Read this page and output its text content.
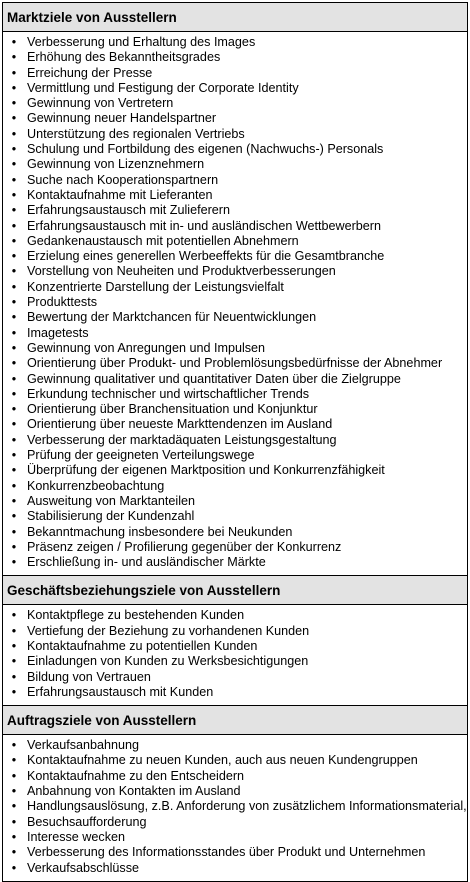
Marktziele von Ausstellern

• Verbesserung und Erhaltung des Images
• Erhöhung des Bekanntheitsgrades
• Erreichung der Presse
• Vermittlung und Festigung der Corporate Identity
• Gewinnung von Vertretern
• Gewinnung neuer Handelspartner
• Unterstützung des regionalen Vertriebs
• Schulung und Fortbildung des eigenen (Nachwuchs-) Personals
• Gewinnung von Lizenznehmern
• Suche nach Kooperationspartnern
• Kontaktaufnahme mit Lieferanten
• Erfahrungsaustausch mit Zulieferern
• Erfahrungsaustausch mit in- und ausländischen Wettbewerbern
• Gedankenaustausch mit potentiellen Abnehmern
• Erzielung eines generellen Werbeeffekts für die Gesamtbranche
• Vorstellung von Neuheiten und Produktverbesserungen
• Konzentrierte Darstellung der Leistungsvielfalt
• Produkttests
• Bewertung der Marktchancen für Neuentwicklungen
• Imagetests
• Gewinnung von Anregungen und Impulsen
• Orientierung über Produkt- und Problemlösungsbedürfnisse der Abnehmer
• Gewinnung qualitativer und quantitativer Daten über die Zielgruppe
• Erkundung technischer und wirtschaftlicher Trends
• Orientierung über Branchensituation und Konjunktur
• Orientierung über neueste Markttendenzen im Ausland
• Verbesserung der marktadäquaten Leistungsgestaltung
• Prüfung der geeigneten Verteilungswege
• Überprüfung der eigenen Marktposition und Konkurrenzfähigkeit
• Konkurrenzbeobachtung
• Ausweitung von Marktanteilen
• Stabilisierung der Kundenzahl
• Bekanntmachung insbesondere bei Neukunden
• Präsenz zeigen / Profilierung gegenüber der Konkurrenz
• Erschließung in- und ausländischer Märkte

Geschäftsbeziehungsziele von Ausstellern

• Kontaktpflege zu bestehenden Kunden
• Vertiefung der Beziehung zu vorhandenen Kunden
• Kontaktaufnahme zu potentiellen Kunden
• Einladungen von Kunden zu Werksbesichtigungen
• Bildung von Vertrauen
• Erfahrungsaustausch mit Kunden

Auftragsziele von Ausstellern

• Verkaufsanbahnung
• Kontaktaufnahme zu neuen Kunden, auch aus neuen Kundengruppen
• Kontaktaufnahme zu den Entscheidern
• Anbahnung von Kontakten im Ausland
• Handlungsauslösung, z.B. Anforderung von zusätzlichem Informationsmaterial,
• Besuchsaufforderung
• Interesse wecken
• Verbesserung des Informationsstandes über Produkt und Unternehmen
• Verkaufsabschlüsse
